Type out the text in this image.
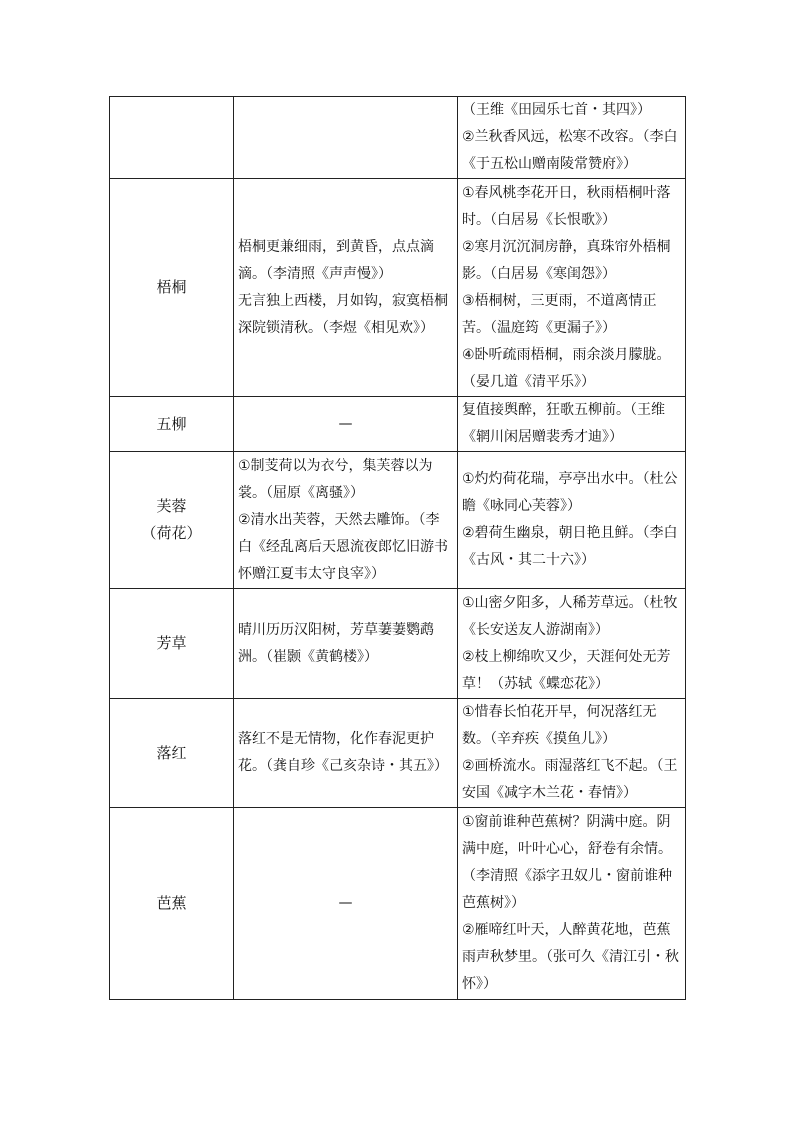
		（王维《田园乐七首・其四》）
②兰秋香风远，松寒不改容。（李白《于五松山赠南陵常赞府》）

梧桐	梧桐更兼细雨，到黄昏，点点滴滴。（李清照《声声慢》）
无言独上西楼，月如钩，寂寞梧桐深院锁清秋。（李煜《相见欢》）	①春风桃李花开日，秋雨梧桐叶落时。（白居易《长恨歌》）
②寒月沉沉洞房静，真珠帘外梧桐影。（白居易《寒闺怨》）
③梧桐树，三更雨，不道离情正苦。（温庭筠《更漏子》）
④卧听疏雨梧桐，雨余淡月朦胧。（晏几道《清平乐》）

五柳	—	复值接舆醉，狂歌五柳前。（王维《辋川闲居赠裴秀才迪》）

芙蓉
（荷花）	①制芰荷以为衣兮，集芙蓉以为裳。（屈原《离骚》）
②清水出芙蓉，天然去雕饰。（李白《经乱离后天恩流夜郎忆旧游书怀赠江夏韦太守良宰》）	①灼灼荷花瑞，亭亭出水中。（杜公瞻《咏同心芙蓉》）
②碧荷生幽泉，朝日艳且鲜。（李白《古风・其二十六》）

芳草	晴川历历汉阳树，芳草萋萋鹦鹉洲。（崔颢《黄鹤楼》）	①山密夕阳多，人稀芳草远。（杜牧《长安送友人游湖南》）
②枝上柳绵吹又少，天涯何处无芳草！（苏轼《蝶恋花》）

落红	落红不是无情物，化作春泥更护花。（龚自珍《己亥杂诗・其五》）	①惜春长怕花开早，何况落红无数。（辛弃疾《摸鱼儿》）
②画桥流水。雨湿落红飞不起。（王安国《减字木兰花・春情》）

芭蕉	—	①窗前谁种芭蕉树？阴满中庭。阴满中庭，叶叶心心，舒卷有余情。（李清照《添字丑奴儿・窗前谁种芭蕉树》）
②雁啼红叶天，人醉黄花地，芭蕉雨声秋梦里。（张可久《清江引・秋怀》）
